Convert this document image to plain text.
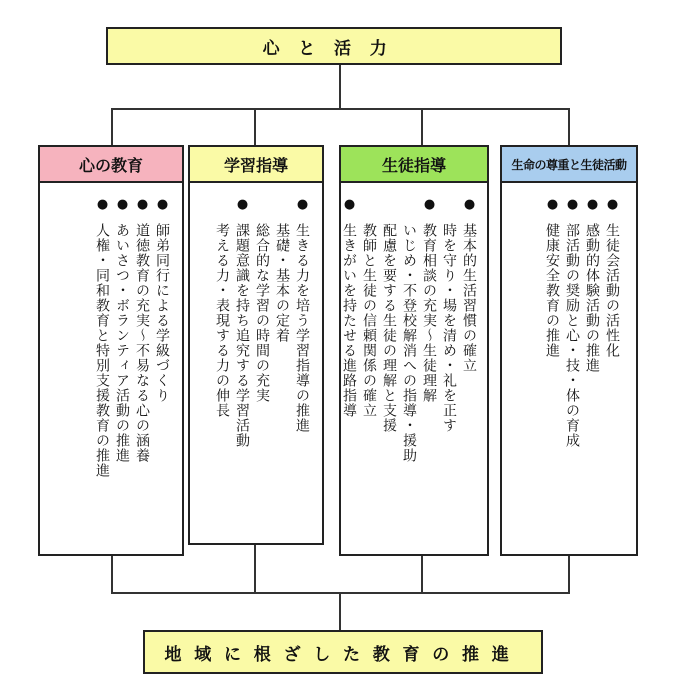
心と活力
心の教育
●師弟同行による学級づくり
●道徳教育の充実～不易なる心の涵養
●あいさつ・ボランティア活動の推進
●人権・同和教育と特別支援教育の推進
学習指導
●生きる力を培う学習指導の推進
基礎・基本の定着
総合的な学習の時間の充実
●課題意識を持ち追究する学習活動
考える力・表現する力の伸長
生徒指導
●基本的生活習慣の確立
時を守り・場を清め・礼を正す
●教育相談の充実～生徒理解
いじめ・不登校解消への指導・援助
配慮を要する生徒の理解と支援
教師と生徒の信頼関係の確立
●生きがいを持たせる進路指導
生命の尊重と生徒活動
●生徒会活動の活性化
●感動的体験活動の推進
●部活動の奨励と心・技・体の育成
●健康安全教育の推進
地域に根ざした教育の推進
